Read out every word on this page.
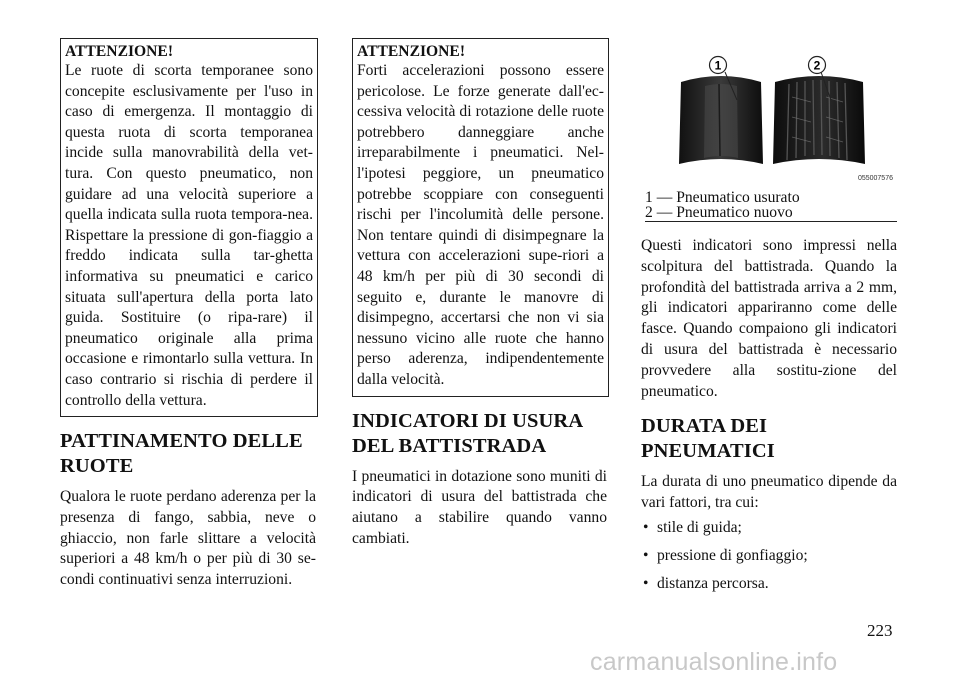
ATTENZIONE!
Le ruote di scorta temporanee sono concepite esclusivamente per l'uso in caso di emergenza. Il montaggio di questa ruota di scorta temporanea incide sulla manovrabilità della vet-tura. Con questo pneumatico, non guidare ad una velocità superiore a quella indicata sulla ruota tempora-nea. Rispettare la pressione di gon-fiaggio a freddo indicata sulla tar-ghetta informativa su pneumatici e carico situata sull'apertura della porta lato guida. Sostituire (o ripa-rare) il pneumatico originale alla prima occasione e rimontarlo sulla vettura. In caso contrario si rischia di perdere il controllo della vettura.
PATTINAMENTO DELLE RUOTE

Qualora le ruote perdano aderenza per la presenza di fango, sabbia, neve o ghiaccio, non farle slittare a velocità superiori a 48 km/h o per più di 30 se-condi continuativi senza interruzioni.

ATTENZIONE!
Forti accelerazioni possono essere pericolose. Le forze generate dall'ec-cessiva velocità di rotazione delle ruote potrebbero danneggiare anche irreparabilmente i pneumatici. Nel-l'ipotesi peggiore, un pneumatico potrebbe scoppiare con conseguenti rischi per l'incolumità delle persone. Non tentare quindi di disimpegnare la vettura con accelerazioni supe-riori a 48 km/h per più di 30 secondi di seguito e, durante le manovre di disimpegno, accertarsi che non vi sia nessuno vicino alle ruote che hanno perso aderenza, indipendentemente dalla velocità.
INDICATORI DI USURA DEL BATTISTRADA

I pneumatici in dotazione sono muniti di indicatori di usura del battistrada che aiutano a stabilire quando vanno cambiati.

1	2
055007576
1 — Pneumatico usurato
2 — Pneumatico nuovo

Questi indicatori sono impressi nella scolpitura del battistrada. Quando la profondità del battistrada arriva a 2 mm, gli indicatori appariranno come delle fasce. Quando compaiono gli indicatori di usura del battistrada è necessario provvedere alla sostitu-zione del pneumatico.

DURATA DEI PNEUMATICI

La durata di uno pneumatico dipende da vari fattori, tra cui:

• stile di guida;
• pressione di gonfiaggio;
• distanza percorsa.
223
carmanualsonline.info
